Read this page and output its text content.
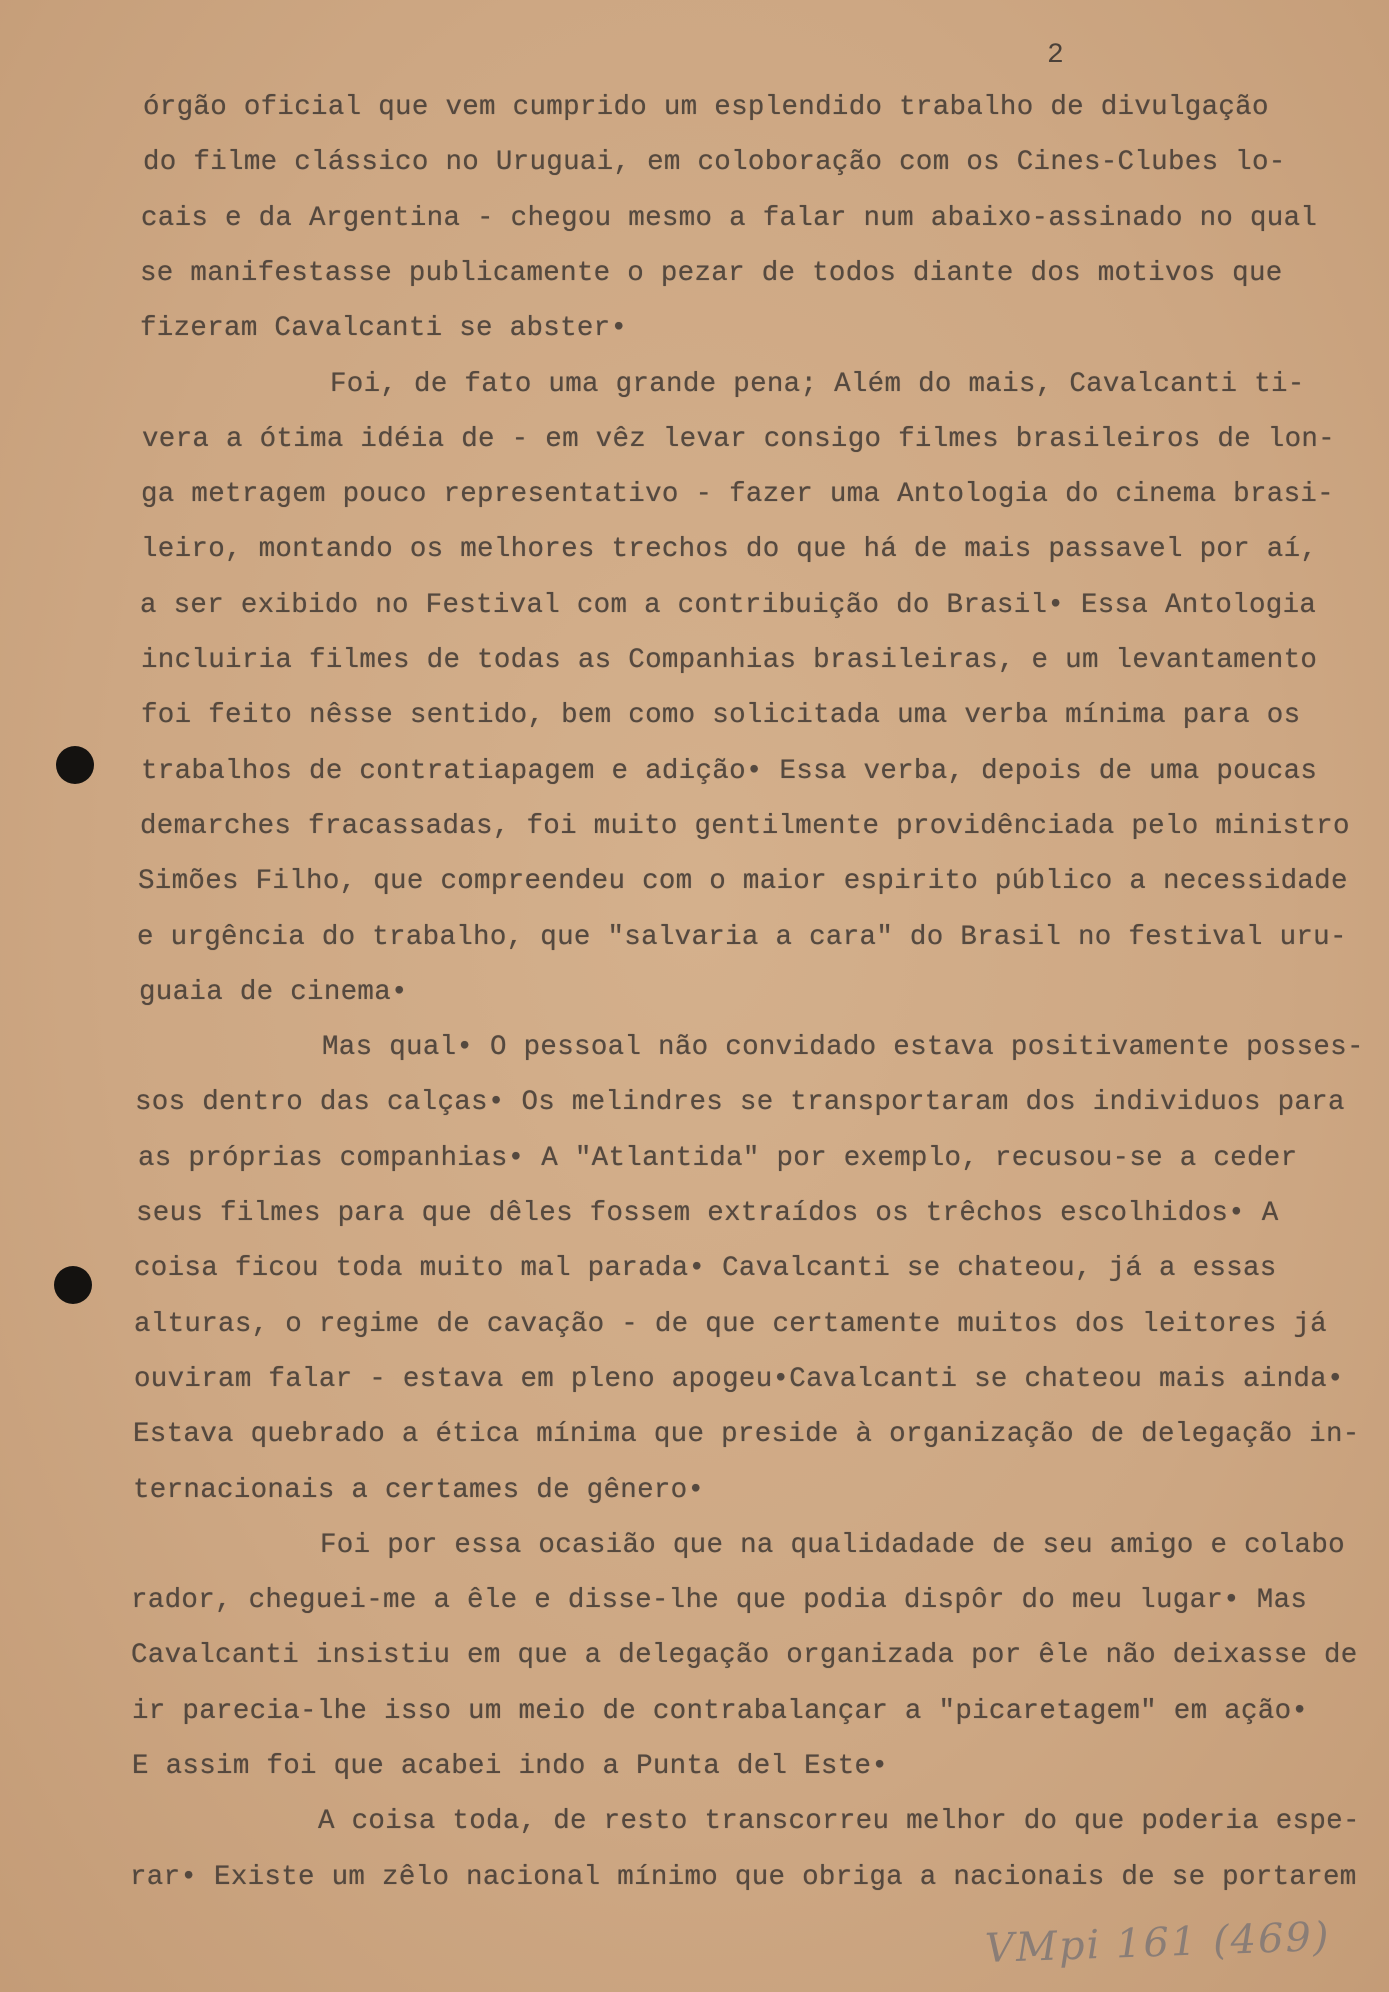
2
órgão oficial que vem cumprido um esplendido trabalho de divulgação
do filme clássico no Uruguai, em coloboração com os Cines-Clubes lo-
cais e da Argentina - chegou mesmo a falar num abaixo-assinado no qual
se manifestasse publicamente o pezar de todos diante dos motivos que
fizeram Cavalcanti se abster•
Foi, de fato uma grande pena; Além do mais, Cavalcanti ti-
vera a ótima idéia de - em vêz levar consigo filmes brasileiros de lon-
ga metragem pouco representativo - fazer uma Antologia do cinema brasi-
leiro, montando os melhores trechos do que há de mais passavel por aí,
a ser exibido no Festival com a contribuição do Brasil• Essa Antologia
incluiria filmes de todas as Companhias brasileiras, e um levantamento
foi feito nêsse sentido, bem como solicitada uma verba mínima para os
trabalhos de contratiapagem e adição• Essa verba, depois de uma poucas
demarches fracassadas, foi muito gentilmente providênciada pelo ministro
Simões Filho, que compreendeu com o maior espirito público a necessidade
e urgência do trabalho, que "salvaria a cara" do Brasil no festival uru-
guaia de cinema•
Mas qual• O pessoal não convidado estava positivamente posses-
sos dentro das calças• Os melindres se transportaram dos individuos para
as próprias companhias• A "Atlantida" por exemplo, recusou-se a ceder
seus filmes para que dêles fossem extraídos os trêchos escolhidos• A
coisa ficou toda muito mal parada• Cavalcanti se chateou, já a essas
alturas, o regime de cavação - de que certamente muitos dos leitores já
ouviram falar - estava em pleno apogeu•Cavalcanti se chateou mais ainda•
Estava quebrado a ética mínima que preside à organização de delegação in-
ternacionais a certames de gênero•
Foi por essa ocasião que na qualidadade de seu amigo e colabo
rador, cheguei-me a êle e disse-lhe que podia dispôr do meu lugar• Mas
Cavalcanti insistiu em que a delegação organizada por êle não deixasse de
ir parecia-lhe isso um meio de contrabalançar a "picaretagem" em ação•
E assim foi que acabei indo a Punta del Este•
A coisa toda, de resto transcorreu melhor do que poderia espe-
rar• Existe um zêlo nacional mínimo que obriga a nacionais de se portarem
VMpi 161 (469)
